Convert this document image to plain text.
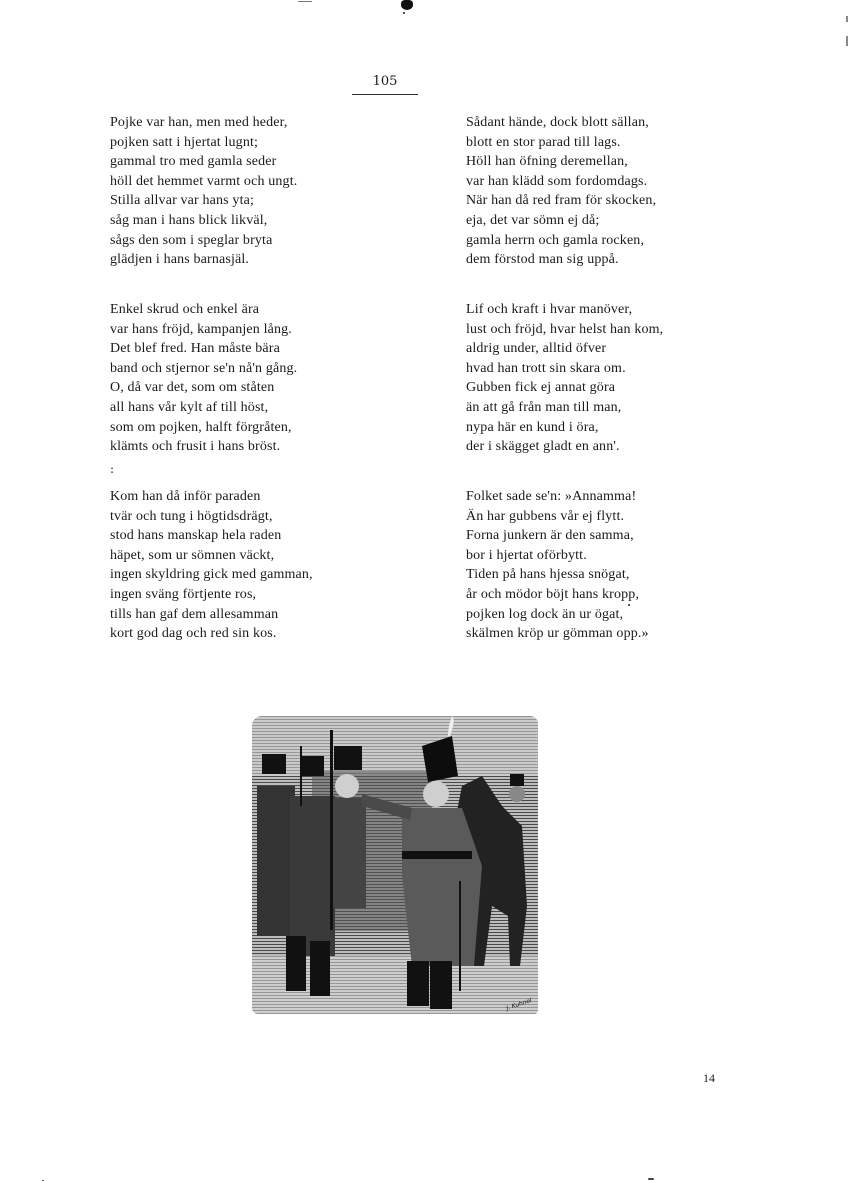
105
Pojke var han, men med heder,
pojken satt i hjertat lugnt;
gammal tro med gamla seder
höll det hemmet varmt och ungt.
Stilla allvar var hans yta;
såg man i hans blick likväl,
sågs den som i speglar bryta
glädjen i hans barnasjäl.
Enkel skrud och enkel ära
var hans fröjd, kampanjen lång.
Det blef fred. Han måste bära
band och stjernor se'n nå'n gång.
O, då var det, som om ståten
all hans vår kylt af till höst,
som om pojken, halft förgråten,
klämts och frusit i hans bröst.
:
Kom han då inför paraden
tvär och tung i högtidsdrägt,
stod hans manskap hela raden
häpet, som ur sömnen väckt,
ingen skyldring gick med gamman,
ingen sväng förtjente ros,
tills han gaf dem allesamman
kort god dag och red sin kos.
Sådant hände, dock blott sällan,
blott en stor parad till lags.
Höll han öfning deremellan,
var han klädd som fordomdags.
När han då red fram för skocken,
eja, det var sömn ej då;
gamla herrn och gamla rocken,
dem förstod man sig uppå.
Lif och kraft i hvar manöver,
lust och fröjd, hvar helst han kom,
aldrig under, alltid öfver
hvad han trott sin skara om.
Gubben fick ej annat göra
än att gå från man till man,
nypa här en kund i öra,
der i skägget gladt en ann'.
Folket sade se'n: »Annamma!
Än har gubbens vår ej flytt.
Forna junkern är den samma,
bor i hjertat oförbytt.
Tiden på hans hjessa snögat,
år och mödor böjt hans kropp,
pojken log dock än ur ögat,
skälmen kröp ur gömman opp.»
J. Kuhnel
14
